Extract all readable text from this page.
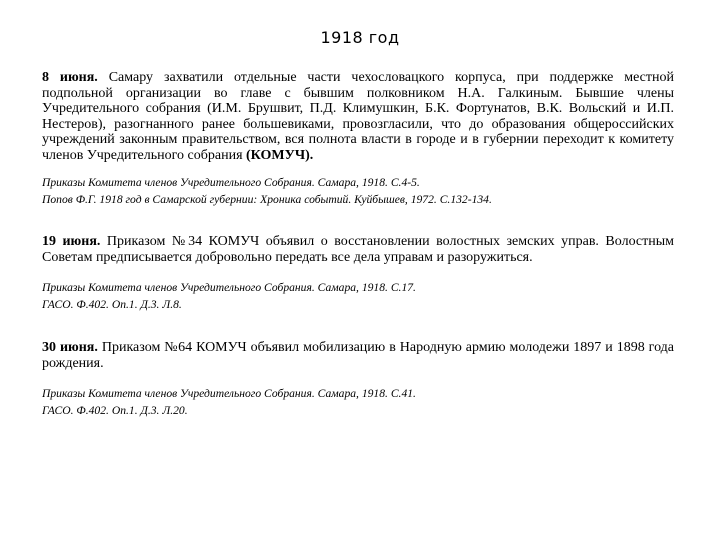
1918 год

8 июня. Самару захватили отдельные части чехословацкого корпуса, при поддержке местной подпольной организации во главе с бывшим полковником Н.А. Галкиным. Бывшие члены Учредительного собрания (И.М. Брушвит, П.Д. Климушкин, Б.К. Фортунатов, В.К. Вольский и И.П. Нестеров), разогнанного ранее большевиками, провозгласили, что до образования общероссийских учреждений законным правительством, вся полнота власти в городе и в губернии переходит к комитету членов Учредительного собрания (КОМУЧ).

Приказы Комитета членов Учредительного Собрания. Самара, 1918. С.4-5.

Попов Ф.Г. 1918 год в Самарской губернии: Хроника событий. Куйбышев, 1972. С.132-134.

19 июня. Приказом №34 КОМУЧ объявил о восстановлении волостных земских управ. Волостным Советам предписывается добровольно передать все дела управам и разоружиться.

Приказы Комитета членов Учредительного Собрания. Самара, 1918. С.17.

ГАСО. Ф.402. Оп.1. Д.3. Л.8.

30 июня. Приказом №64 КОМУЧ объявил мобилизацию в Народную армию молодежи 1897 и 1898 года рождения.

Приказы Комитета членов Учредительного Собрания. Самара, 1918. С.41.

ГАСО. Ф.402. Оп.1. Д.3. Л.20.
